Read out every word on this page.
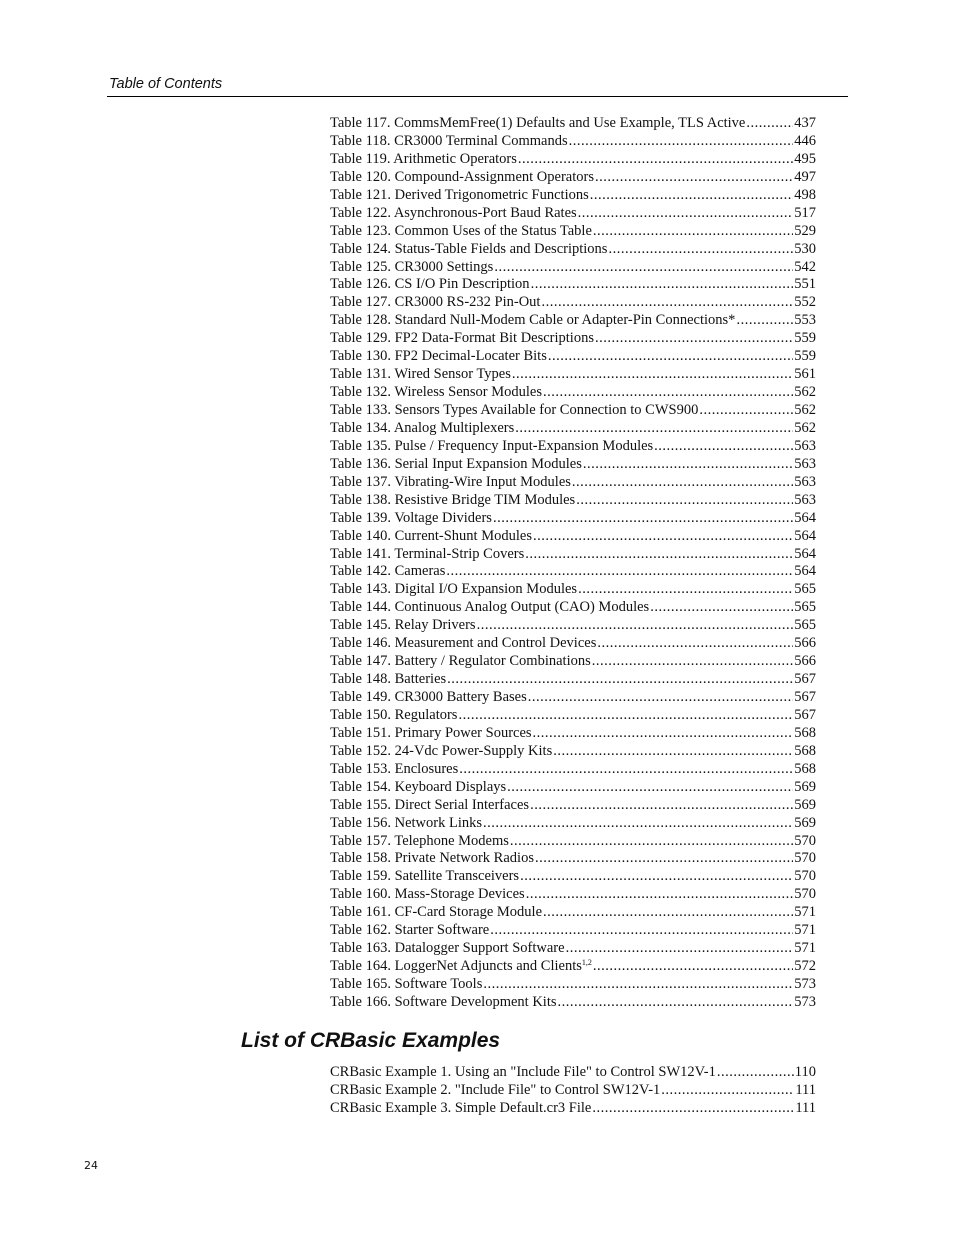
Table of Contents
Table 117. CommsMemFree(1) Defaults and Use Example, TLS Active .....	437
Table 118. CR3000 Terminal Commands .....	446
Table 119. Arithmetic Operators .....	495
Table 120. Compound-Assignment Operators .....	497
Table 121. Derived Trigonometric Functions .....	498
Table 122. Asynchronous-Port Baud Rates .....	517
Table 123. Common Uses of the Status Table .....	529
Table 124. Status-Table Fields and Descriptions .....	530
Table 125. CR3000 Settings .....	542
Table 126. CS I/O Pin Description .....	551
Table 127. CR3000 RS-232 Pin-Out .....	552
Table 128. Standard Null-Modem Cable or Adapter-Pin Connections* .....	553
Table 129. FP2 Data-Format Bit Descriptions .....	559
Table 130. FP2 Decimal-Locater Bits .....	559
Table 131. Wired Sensor Types .....	561
Table 132. Wireless Sensor Modules .....	562
Table 133. Sensors Types Available for Connection to CWS900 .....	562
Table 134. Analog Multiplexers .....	562
Table 135. Pulse / Frequency Input-Expansion Modules .....	563
Table 136. Serial Input Expansion Modules .....	563
Table 137. Vibrating-Wire Input Modules .....	563
Table 138. Resistive Bridge TIM Modules .....	563
Table 139. Voltage Dividers .....	564
Table 140. Current-Shunt Modules .....	564
Table 141. Terminal-Strip Covers .....	564
Table 142. Cameras .....	564
Table 143. Digital I/O Expansion Modules .....	565
Table 144. Continuous Analog Output (CAO) Modules .....	565
Table 145. Relay Drivers .....	565
Table 146. Measurement and Control Devices .....	566
Table 147. Battery / Regulator Combinations .....	566
Table 148. Batteries .....	567
Table 149. CR3000 Battery Bases .....	567
Table 150. Regulators .....	567
Table 151. Primary Power Sources .....	568
Table 152. 24-Vdc Power-Supply Kits .....	568
Table 153. Enclosures .....	568
Table 154. Keyboard Displays .....	569
Table 155. Direct Serial Interfaces .....	569
Table 156. Network Links .....	569
Table 157. Telephone Modems .....	570
Table 158. Private Network Radios .....	570
Table 159. Satellite Transceivers .....	570
Table 160. Mass-Storage Devices .....	570
Table 161. CF-Card Storage Module .....	571
Table 162. Starter Software .....	571
Table 163. Datalogger Support Software .....	571
Table 164. LoggerNet Adjuncts and Clients$^{1,2}$ .....	572
Table 165. Software Tools .....	573
Table 166. Software Development Kits .....	573
List of CRBasic Examples
CRBasic Example 1. Using an "Include File" to Control SW12V-1 .....	110
CRBasic Example 2. "Include File" to Control SW12V-1 .....	111
CRBasic Example 3. Simple Default.cr3 File .....	111
24
